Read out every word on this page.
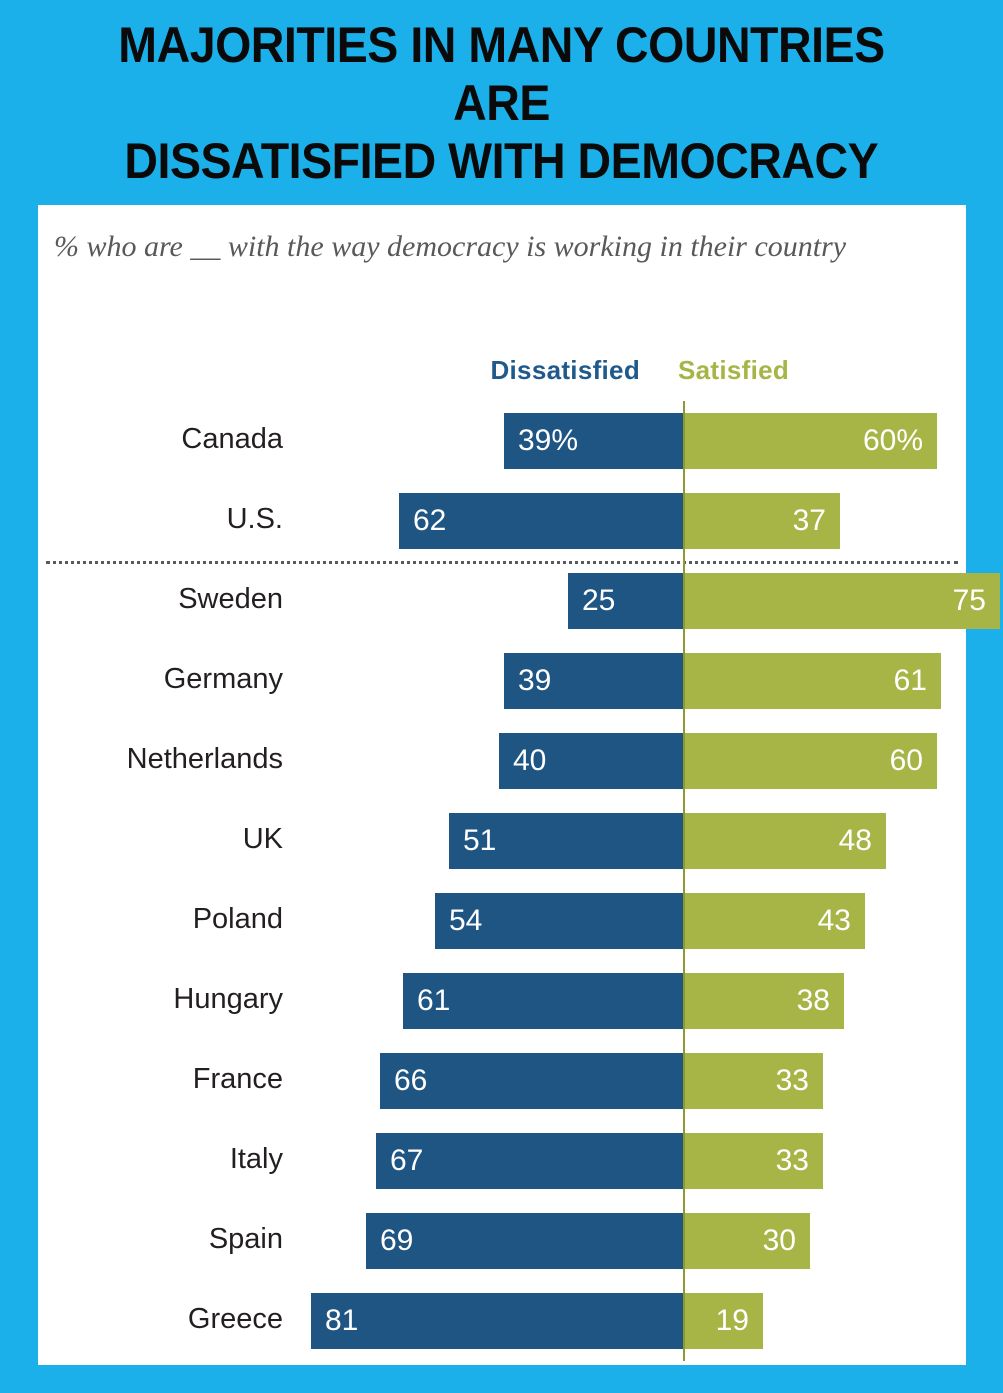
MAJORITIES IN MANY COUNTRIES ARE
DISSATISFIED WITH DEMOCRACY
% who are __ with the way democracy is working in their country
Dissatisfied Satisfied
Canada	39%	60%
U.S.	62	37
Sweden	25	75
Germany	39	61
Netherlands	40	60
UK	51	48
Poland	54	43
Hungary	61	38
France	66	33
Italy	67	33
Spain	69	30
Greece 81	19
